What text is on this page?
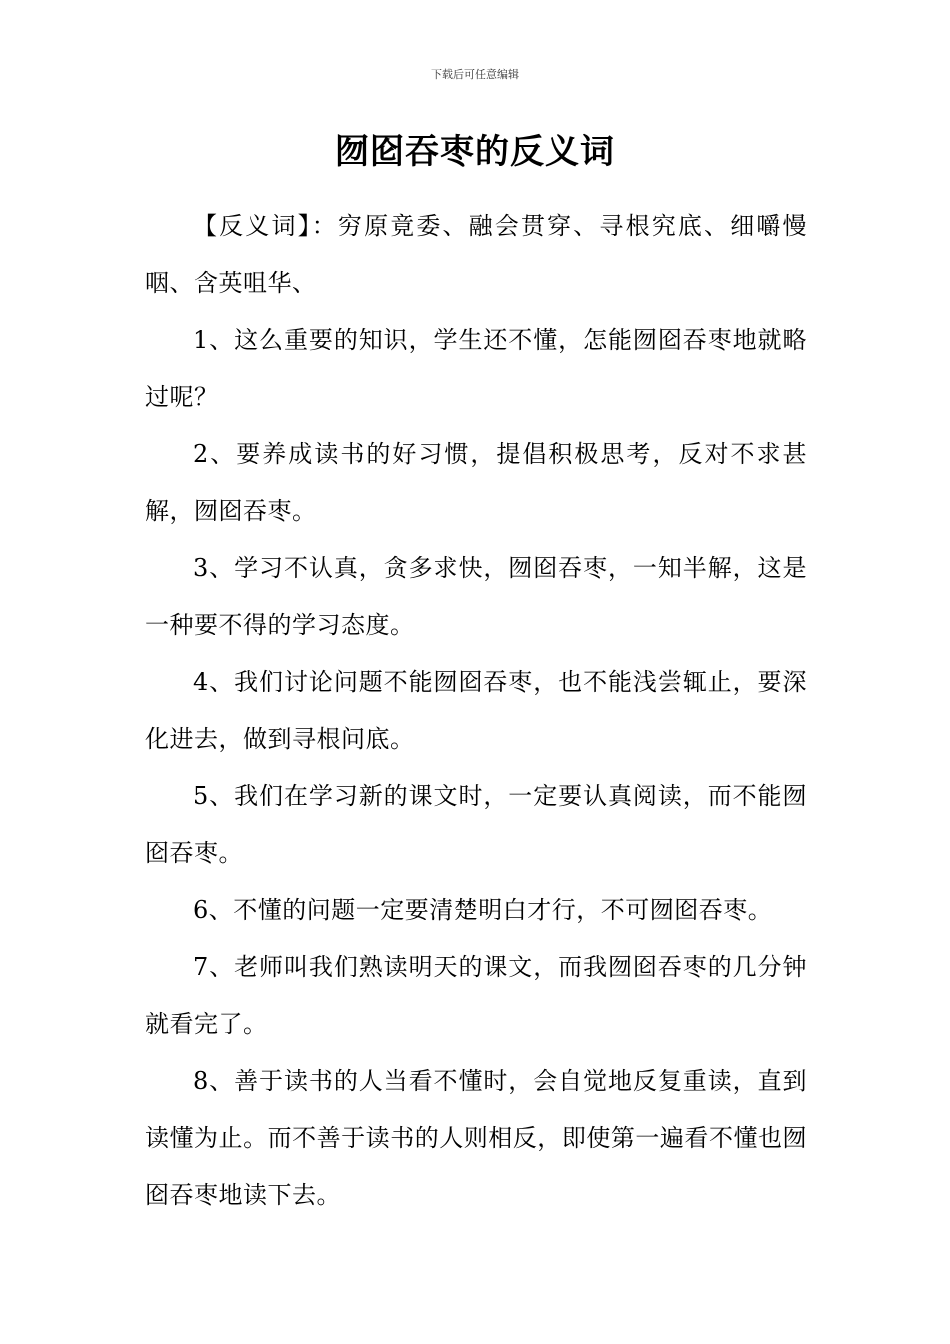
下载后可任意编辑
囫囵吞枣的反义词

【反义词】：穷原竟委、融会贯穿、寻根究底、细嚼慢咽、含英咀华、

1、这么重要的知识，学生还不懂，怎能囫囵吞枣地就略过呢？

2、要养成读书的好习惯，提倡积极思考，反对不求甚解，囫囵吞枣。

3、学习不认真，贪多求快，囫囵吞枣，一知半解，这是一种要不得的学习态度。

4、我们讨论问题不能囫囵吞枣，也不能浅尝辄止，要深化进去，做到寻根问底。

5、我们在学习新的课文时，一定要认真阅读，而不能囫囵吞枣。

6、不懂的问题一定要清楚明白才行，不可囫囵吞枣。

7、老师叫我们熟读明天的课文，而我囫囵吞枣的几分钟就看完了。

8、善于读书的人当看不懂时，会自觉地反复重读，直到读懂为止。而不善于读书的人则相反，即使第一遍看不懂也囫囵吞枣地读下去。
